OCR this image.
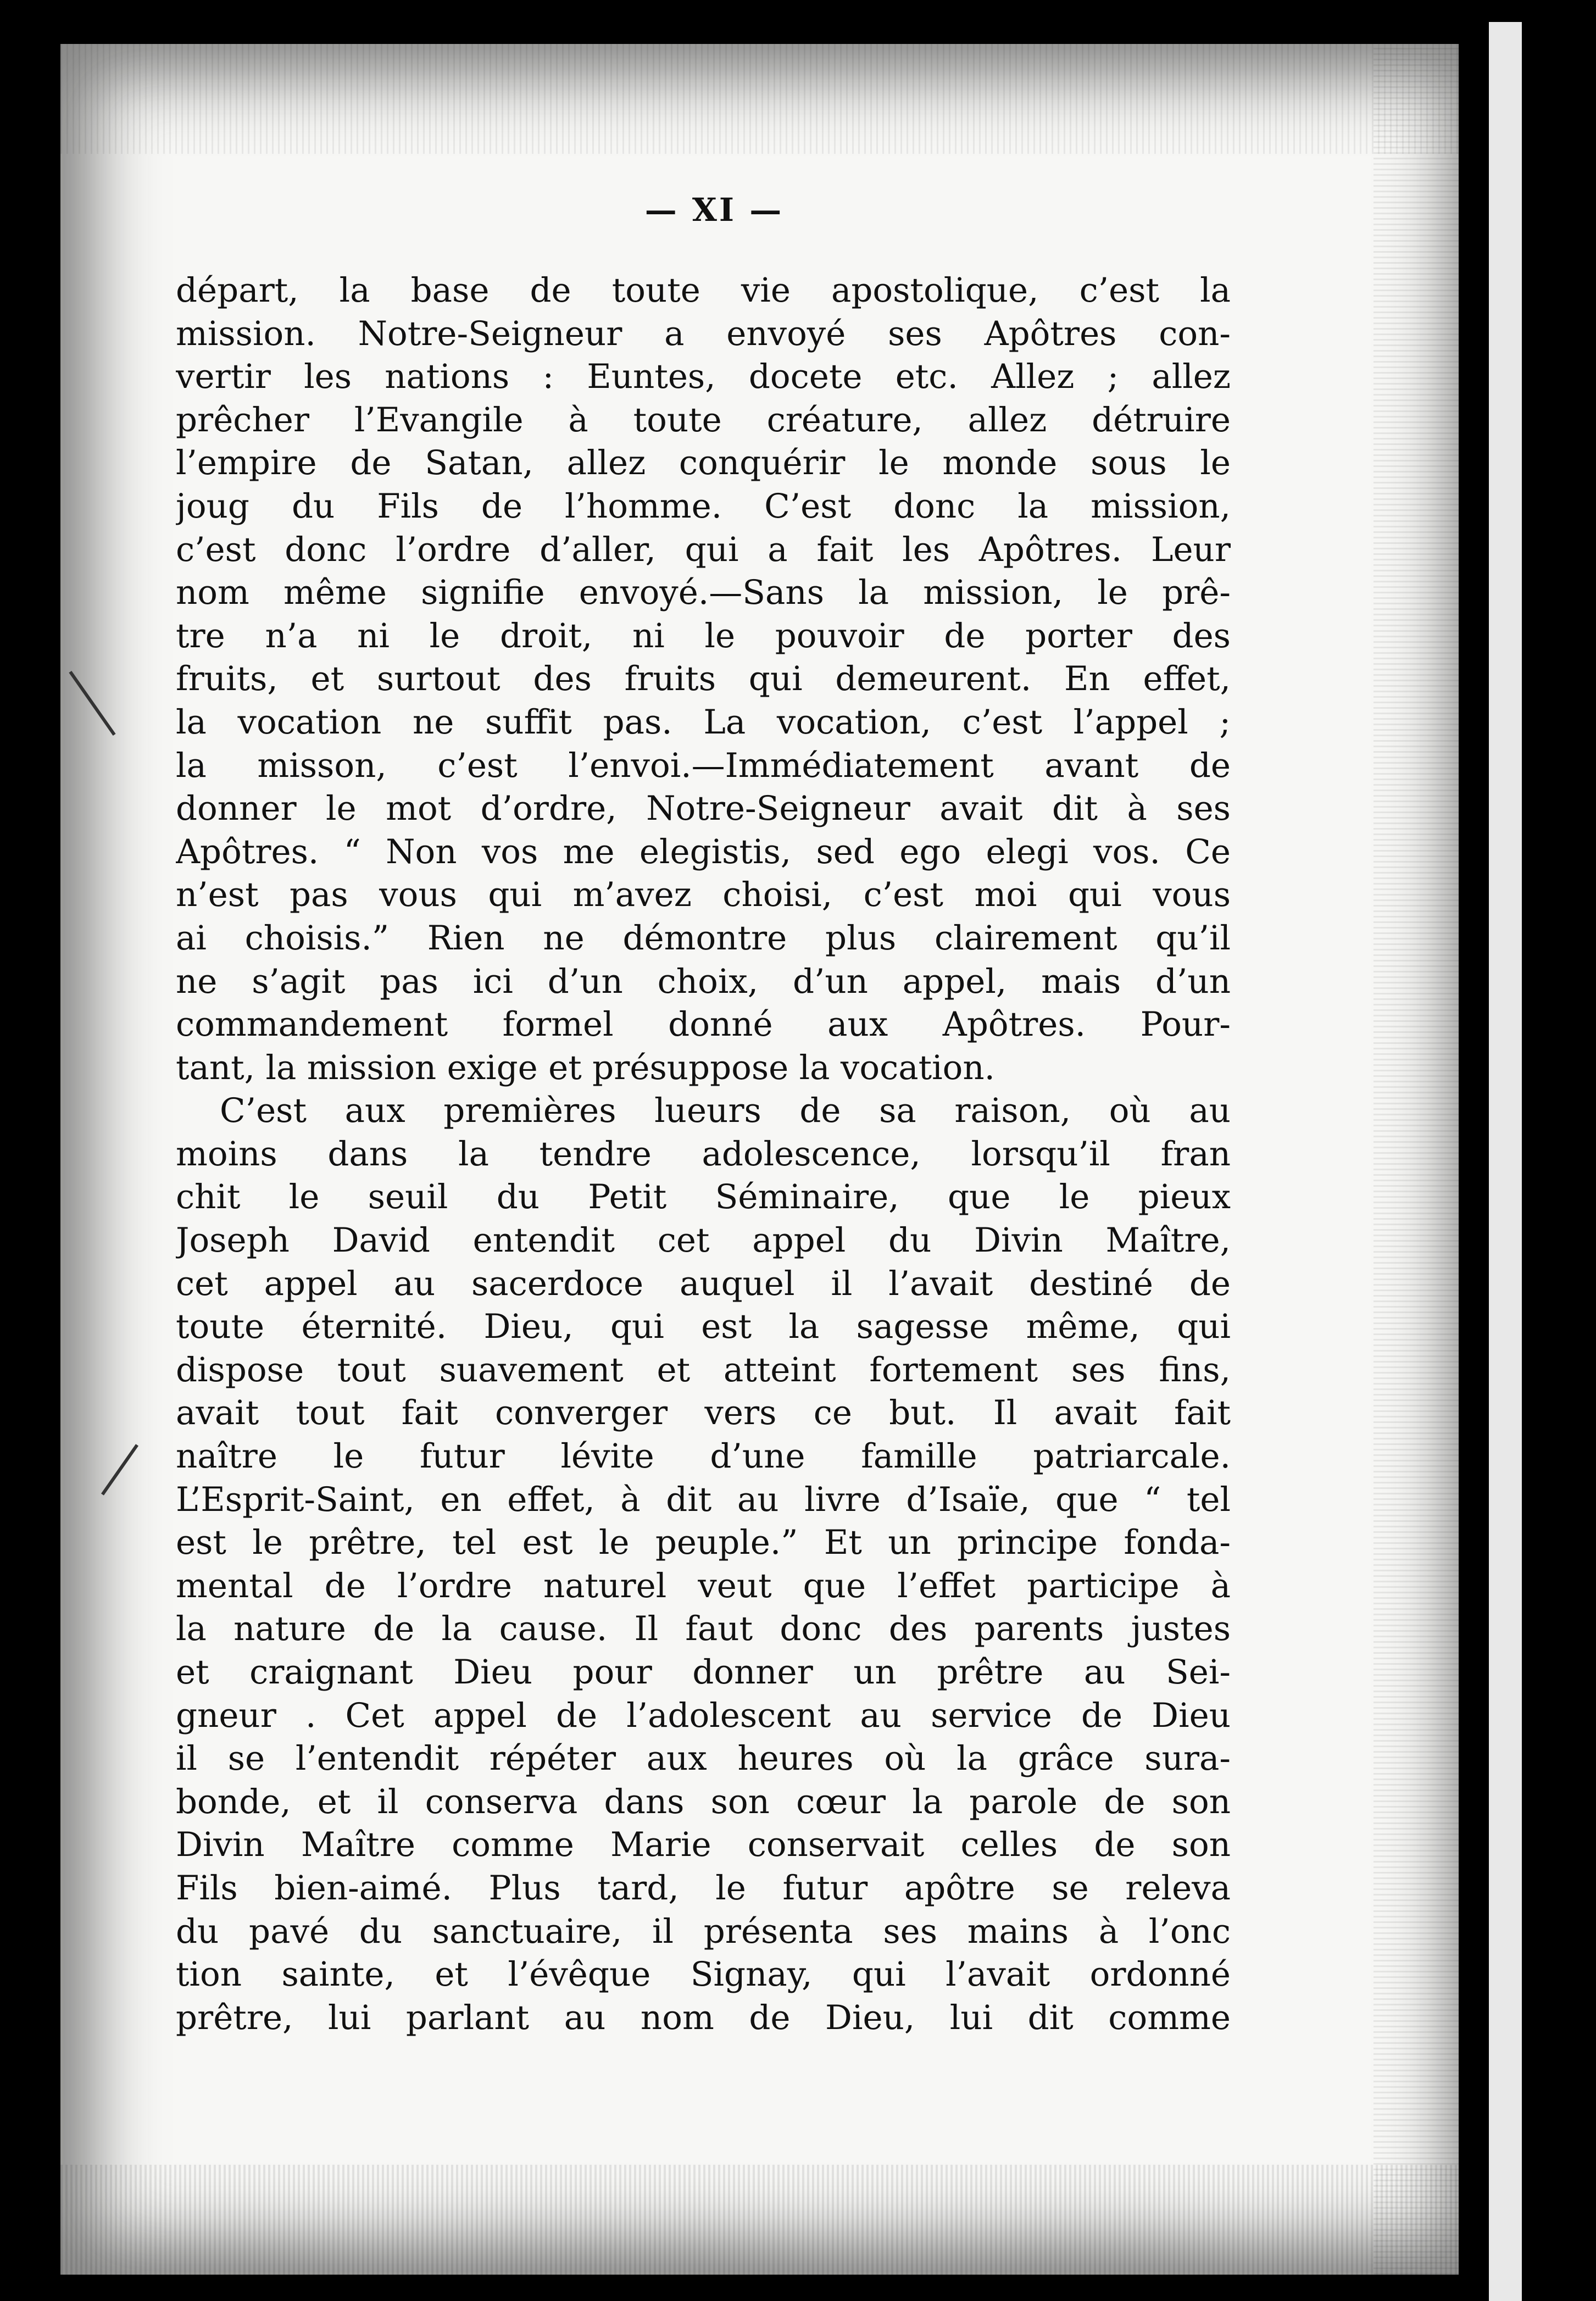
— XI —
départ, la base de toute vie apostolique, c’est la
mission. Notre-Seigneur a envoyé ses Apôtres con-
vertir les nations : Euntes, docete etc. Allez ; allez
prêcher l’Evangile à toute créature, allez détruire
l’empire de Satan, allez conquérir le monde sous le
joug du Fils de l’homme. C’est donc la mission,
c’est donc l’ordre d’aller, qui a fait les Apôtres. Leur
nom même signifie envoyé.—Sans la mission, le prê-
tre n’a ni le droit, ni le pouvoir de porter des
fruits, et surtout des fruits qui demeurent. En effet,
la vocation ne suffit pas. La vocation, c’est l’appel ;
la misson, c’est l’envoi.—Immédiatement avant de
donner le mot d’ordre, Notre-Seigneur avait dit à ses
Apôtres. “ Non vos me elegistis, sed ego elegi vos. Ce
n’est pas vous qui m’avez choisi, c’est moi qui vous
ai choisis.” Rien ne démontre plus clairement qu’il
ne s’agit pas ici d’un choix, d’un appel, mais d’un
commandement formel donné aux Apôtres. Pour-
tant, la mission exige et présuppose la vocation.
C’est aux premières lueurs de sa raison, où au
moins dans la tendre adolescence, lorsqu’il fran
chit le seuil du Petit Séminaire, que le pieux
Joseph David entendit cet appel du Divin Maître,
cet appel au sacerdoce auquel il l’avait destiné de
toute éternité. Dieu, qui est la sagesse même, qui
dispose tout suavement et atteint fortement ses fins,
avait tout fait converger vers ce but. Il avait fait
naître le futur lévite d’une famille patriarcale.
L’Esprit-Saint, en effet, à dit au livre d’Isaïe, que “ tel
est le prêtre, tel est le peuple.” Et un principe fonda-
mental de l’ordre naturel veut que l’effet participe à
la nature de la cause. Il faut donc des parents justes
et craignant Dieu pour donner un prêtre au Sei-
gneur . Cet appel de l’adolescent au service de Dieu
il se l’entendit répéter aux heures où la grâce sura-
bonde, et il conserva dans son cœur la parole de son
Divin Maître comme Marie conservait celles de son
Fils bien-aimé. Plus tard, le futur apôtre se releva
du pavé du sanctuaire, il présenta ses mains à l’onc
tion sainte, et l’évêque Signay, qui l’avait ordonné
prêtre, lui parlant au nom de Dieu, lui dit comme
